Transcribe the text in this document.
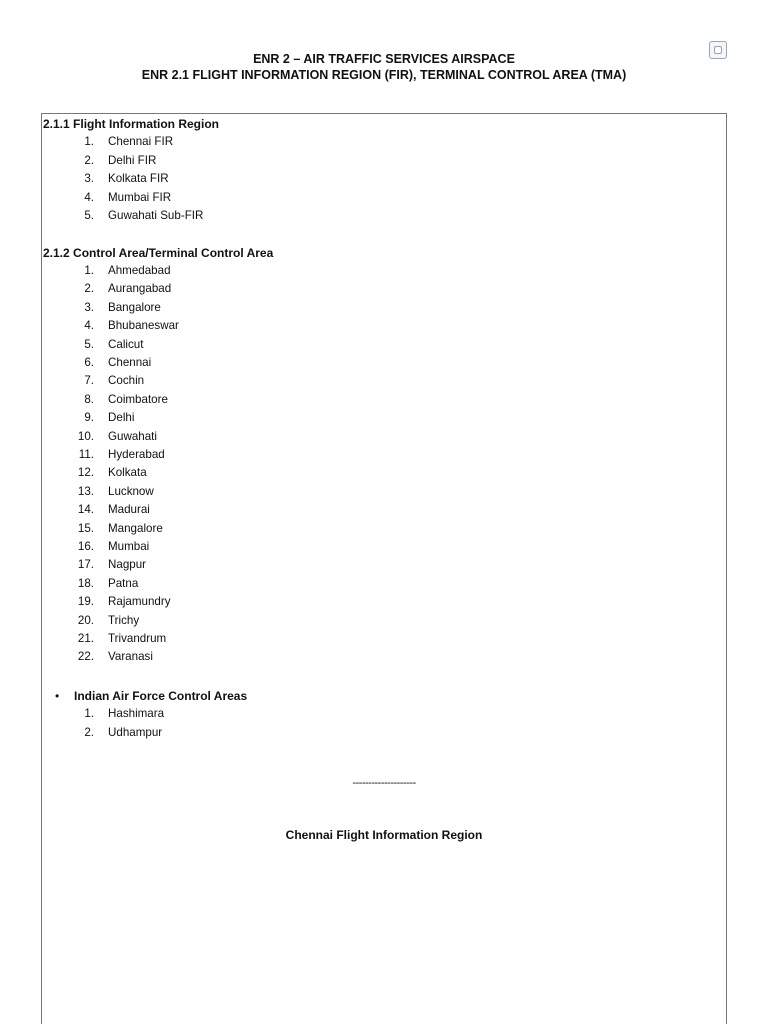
ENR 2 – AIR TRAFFIC SERVICES AIRSPACE
ENR 2.1 FLIGHT INFORMATION REGION (FIR), TERMINAL CONTROL AREA (TMA)
2.1.1 Flight Information Region
1. Chennai FIR
2. Delhi FIR
3. Kolkata FIR
4. Mumbai FIR
5. Guwahati Sub-FIR
2.1.2 Control Area/Terminal Control Area
1. Ahmedabad
2. Aurangabad
3. Bangalore
4. Bhubaneswar
5. Calicut
6. Chennai
7. Cochin
8. Coimbatore
9. Delhi
10. Guwahati
11. Hyderabad
12. Kolkata
13. Lucknow
14. Madurai
15. Mangalore
16. Mumbai
17. Nagpur
18. Patna
19. Rajamundry
20. Trichy
21. Trivandrum
22. Varanasi
• Indian Air Force Control Areas
1. Hashimara
2. Udhampur
--------------------
Chennai Flight Information Region
